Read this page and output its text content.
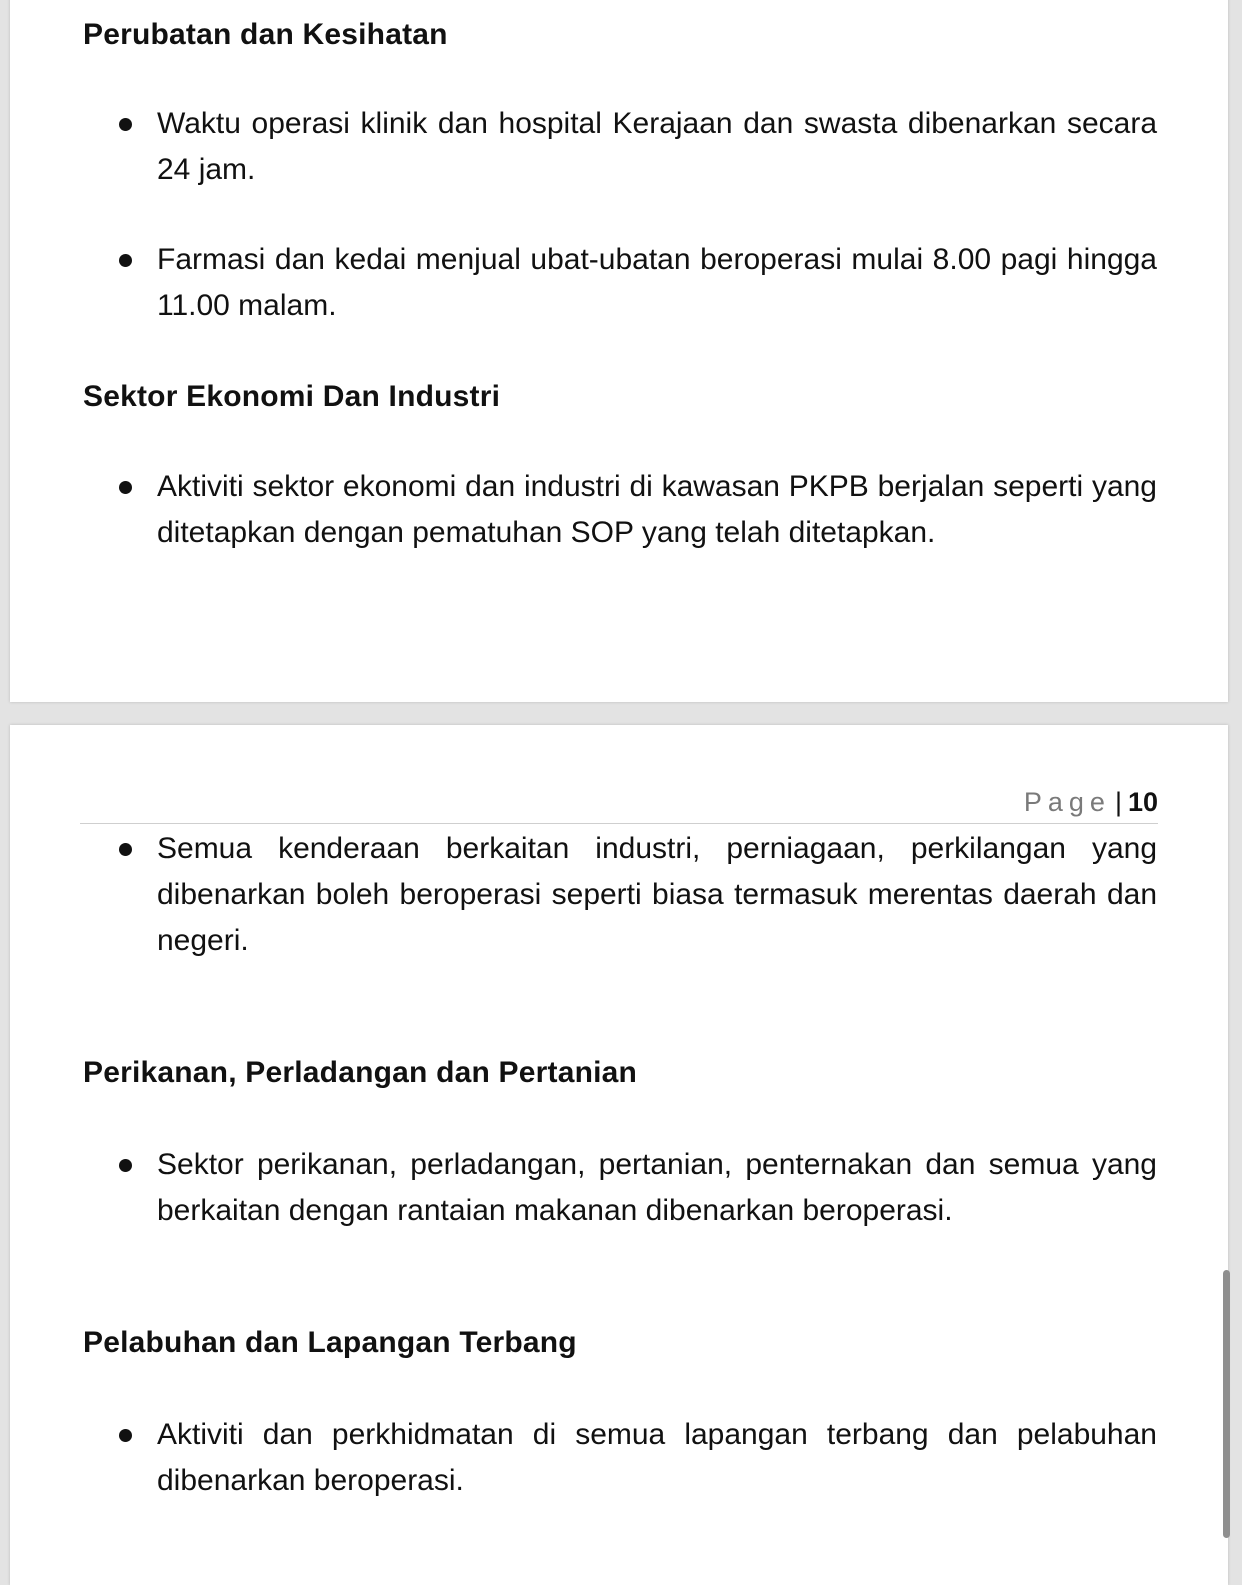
Perubatan dan Kesihatan

Waktu operasi klinik dan hospital Kerajaan dan swasta dibenarkan secara 24 jam.

Farmasi dan kedai menjual ubat-ubatan beroperasi mulai 8.00 pagi hingga 11.00 malam.

Sektor Ekonomi Dan Industri

Aktiviti sektor ekonomi dan industri di kawasan PKPB berjalan seperti yang ditetapkan dengan pematuhan SOP yang telah ditetapkan.

Page | 10

Semua kenderaan berkaitan industri, perniagaan, perkilangan yang dibenarkan boleh beroperasi seperti biasa termasuk merentas daerah dan negeri.

Perikanan, Perladangan dan Pertanian

Sektor perikanan, perladangan, pertanian, penternakan dan semua yang berkaitan dengan rantaian makanan dibenarkan beroperasi.

Pelabuhan dan Lapangan Terbang

Aktiviti dan perkhidmatan di semua lapangan terbang dan pelabuhan dibenarkan beroperasi.
